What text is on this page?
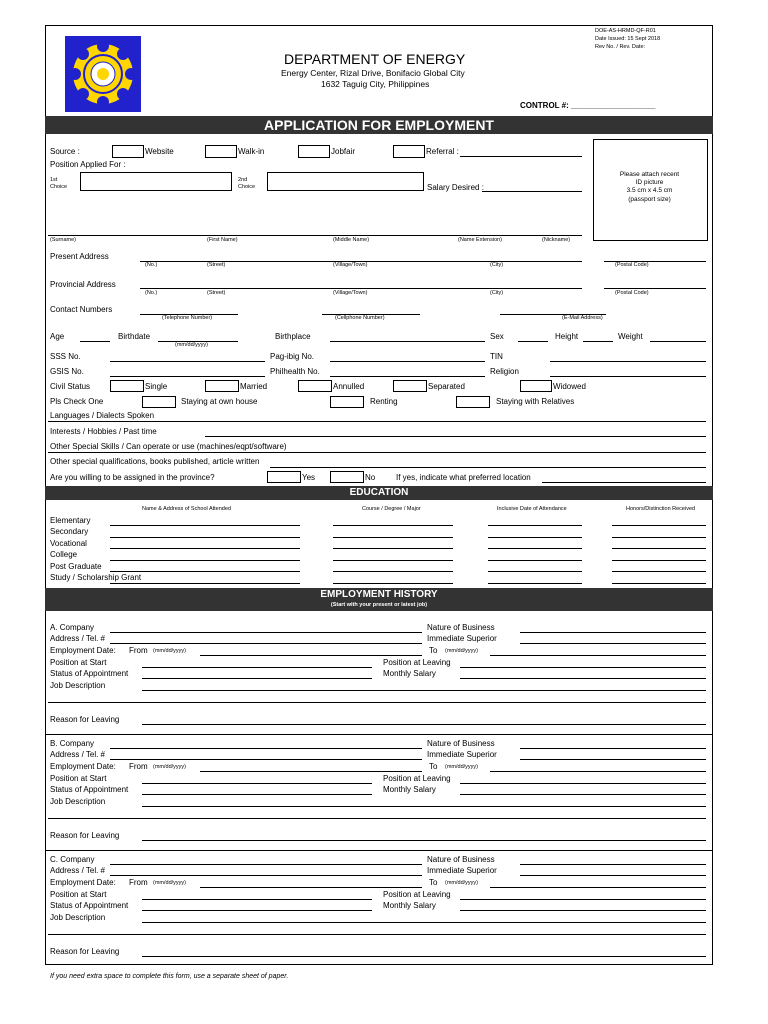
DOE-AS-HRMD-QF-R01
Date Issued: 15 Sept 2018
Rev No. / Rev. Date:
DEPARTMENT OF ENERGY
Energy Center, Rizal Drive, Bonifacio Global City
1632 Taguig City, Philippines
CONTROL #: ___________________
APPLICATION FOR EMPLOYMENT
Source :	Website	Walk-in	Jobfair	Referral :
Position Applied For :
1st
Choice
2nd
Choice	Salary Desired :
Please attach recent
ID picture
3.5 cm x 4.5 cm
(passport size)
(Surname)	(First Name)	(Middle Name)	(Name Extension)	(Nickname)
Present Address
(No.)	(Street)	(Village/Town)	(City)	(Postal Code)
Provincial Address
(No.)	(Street)	(Village/Town)	(City)	(Postal Code)
Contact Numbers
(Telephone Number)	(Cellphone Number)	(E-Mail Address)
Age	Birthdate
(mm/dd/yyyy)
Birthplace	Sex	Height	Weight
SSS No.	Pag-ibig No.	TIN
GSIS No.	Philhealth No.	Religion
Civil Status	Single	Married	Annulled	Separated	Widowed
Pls Check One	Staying at own house	Renting	Staying with Relatives
Languages / Dialects Spoken
Interests / Hobbies / Past time
Other Special Skills / Can operate or use (machines/eqpt/software)
Other special qualifications, books published, article written
Are you willing to be assigned in the province?	Yes	No	If yes, indicate what preferred location
EDUCATION
Name & Address of School Attended	Course / Degree / Major	Inclusive Date of Attendance	Honors/Distinction Received
Elementary
Secondary
Vocational
College
Post Graduate
Study / Scholarship Grant
EMPLOYMENT HISTORY
(Start with your present or latest job)
A. Company	Nature of Business
Address / Tel. #	Immediate Superior
Employment Date: From (mm/dd/yyyy)	To (mm/dd/yyyy)
Position at Start	Position at Leaving
Status of Appointment	Monthly Salary
Job Description
Reason for Leaving
B. Company	Nature of Business
Address / Tel. #	Immediate Superior
Employment Date: From (mm/dd/yyyy)	To (mm/dd/yyyy)
Position at Start	Position at Leaving
Status of Appointment	Monthly Salary
Job Description
Reason for Leaving
C. Company	Nature of Business
Address / Tel. #	Immediate Superior
Employment Date: From (mm/dd/yyyy)	To (mm/dd/yyyy)
Position at Start	Position at Leaving
Status of Appointment	Monthly Salary
Job Description
Reason for Leaving
If you need extra space to complete this form, use a separate sheet of paper.
